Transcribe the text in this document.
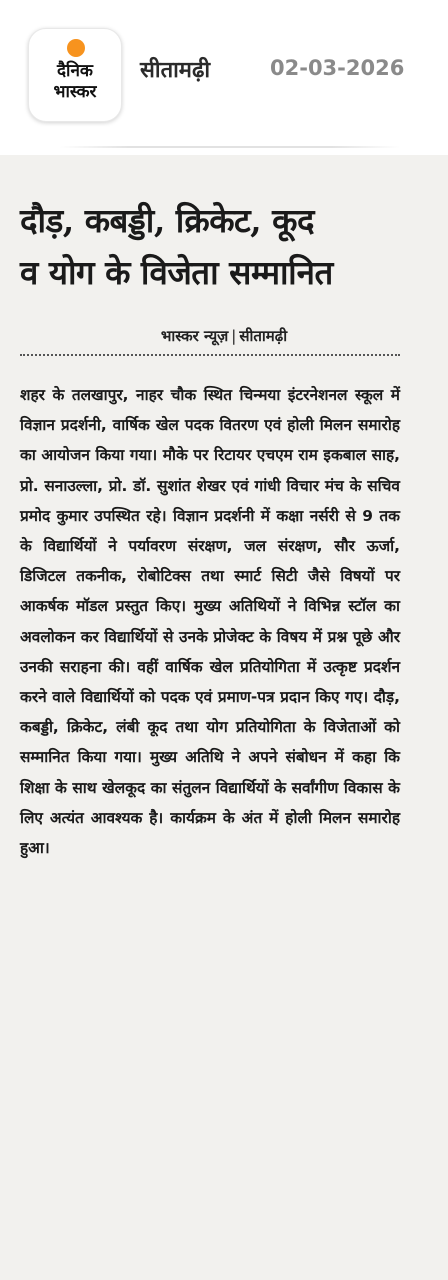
दैनिक
भास्कर
सीतामढ़ी	02-03-2026
दौड़, कबड्डी, क्रिकेट, कूद
व योग के विजेता सम्मानित
भास्कर न्यूज़ | सीतामढ़ी

शहर के तलखापुर, नाहर चौक स्थित चिन्मया इंटरनेशनल स्कूल में विज्ञान प्रदर्शनी, वार्षिक खेल पदक वितरण एवं होली मिलन समारोह का आयोजन किया गया। मौके पर रिटायर एचएम राम इकबाल साह, प्रो. सनाउल्ला, प्रो. डॉ. सुशांत शेखर एवं गांधी विचार मंच के सचिव प्रमोद कुमार उपस्थित रहे। विज्ञान प्रदर्शनी में कक्षा नर्सरी से 9 तक के विद्यार्थियों ने पर्यावरण संरक्षण, जल संरक्षण, सौर ऊर्जा, डिजिटल तकनीक, रोबोटिक्स तथा स्मार्ट सिटी जैसे विषयों पर आकर्षक मॉडल प्रस्तुत किए। मुख्य अतिथियों ने विभिन्न स्टॉल का अवलोकन कर विद्यार्थियों से उनके प्रोजेक्ट के विषय में प्रश्न पूछे और उनकी सराहना की। वहीं वार्षिक खेल प्रतियोगिता में उत्कृष्ट प्रदर्शन करने वाले विद्यार्थियों को पदक एवं प्रमाण-पत्र प्रदान किए गए। दौड़, कबड्डी, क्रिकेट, लंबी कूद तथा योग प्रतियोगिता के विजेताओं को सम्मानित किया गया। मुख्य अतिथि ने अपने संबोधन में कहा कि शिक्षा के साथ खेलकूद का संतुलन विद्यार्थियों के सर्वांगीण विकास के लिए अत्यंत आवश्यक है। कार्यक्रम के अंत में होली मिलन समारोह हुआ।
